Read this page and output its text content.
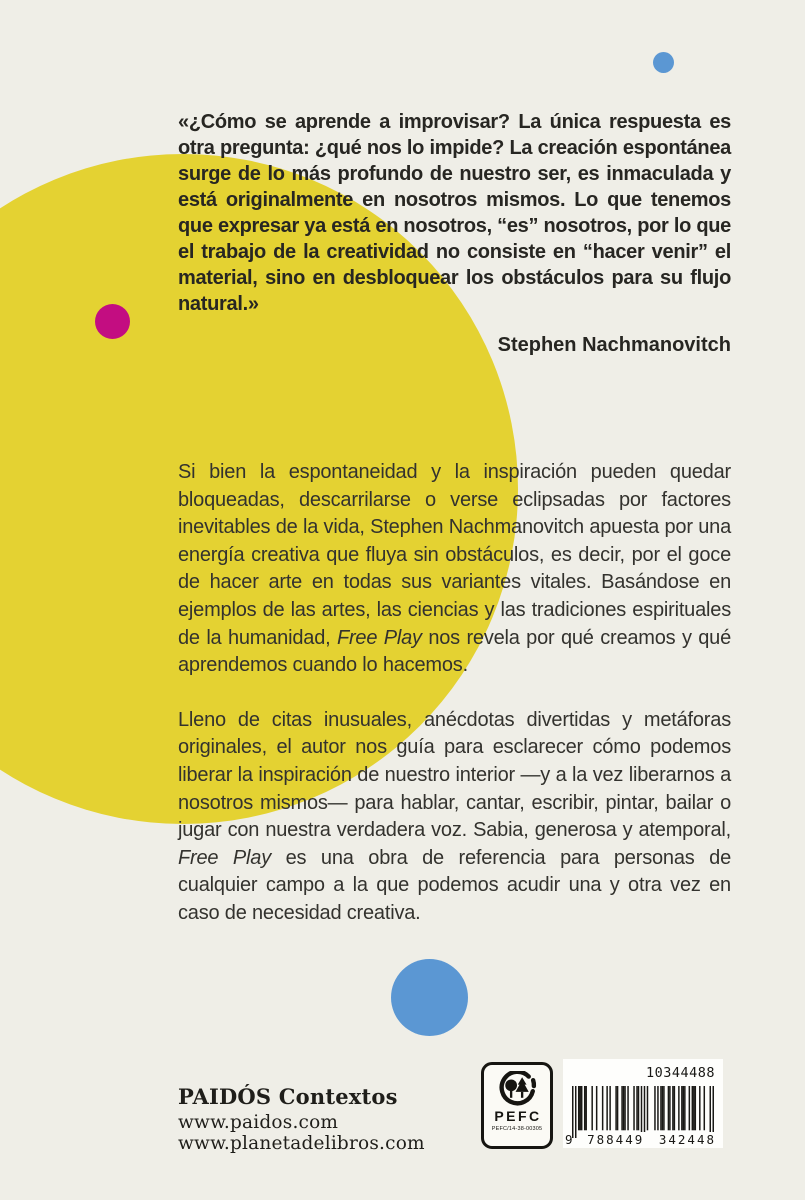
«¿Cómo se aprende a improvisar? La única respuesta es otra pregunta: ¿qué nos lo impide? La creación espontánea surge de lo más profundo de nuestro ser, es inmaculada y está originalmente en nosotros mismos. Lo que tenemos que expresar ya está en nosotros, “es” nosotros, por lo que el trabajo de la creatividad no consiste en “hacer venir” el material, sino en desbloquear los obstáculos para su flujo natural.»

Stephen Nachmanovitch

Si bien la espontaneidad y la inspiración pueden quedar bloqueadas, descarrilarse o verse eclipsadas por factores inevitables de la vida, Stephen Nachmanovitch apuesta por una energía creativa que fluya sin obstáculos, es decir, por el goce de hacer arte en todas sus variantes vitales. Basándose en ejemplos de las artes, las ciencias y las tradiciones espirituales de la humanidad, Free Play nos revela por qué creamos y qué aprendemos cuando lo hacemos.

Lleno de citas inusuales, anécdotas divertidas y metáforas originales, el autor nos guía para esclarecer cómo podemos liberar la inspiración de nuestro interior —y a la vez liberarnos a nosotros mismos— para hablar, cantar, escribir, pintar, bailar o jugar con nuestra verdadera voz. Sabia, generosa y atemporal, Free Play es una obra de referencia para personas de cualquier campo a la que podemos acudir una y otra vez en caso de necesidad creativa.

PAIDÓS Contextos
www.paidos.com
www.planetadelibros.com
PEFC
PEFC/14-38-00305
10344488
9 788449 342448
